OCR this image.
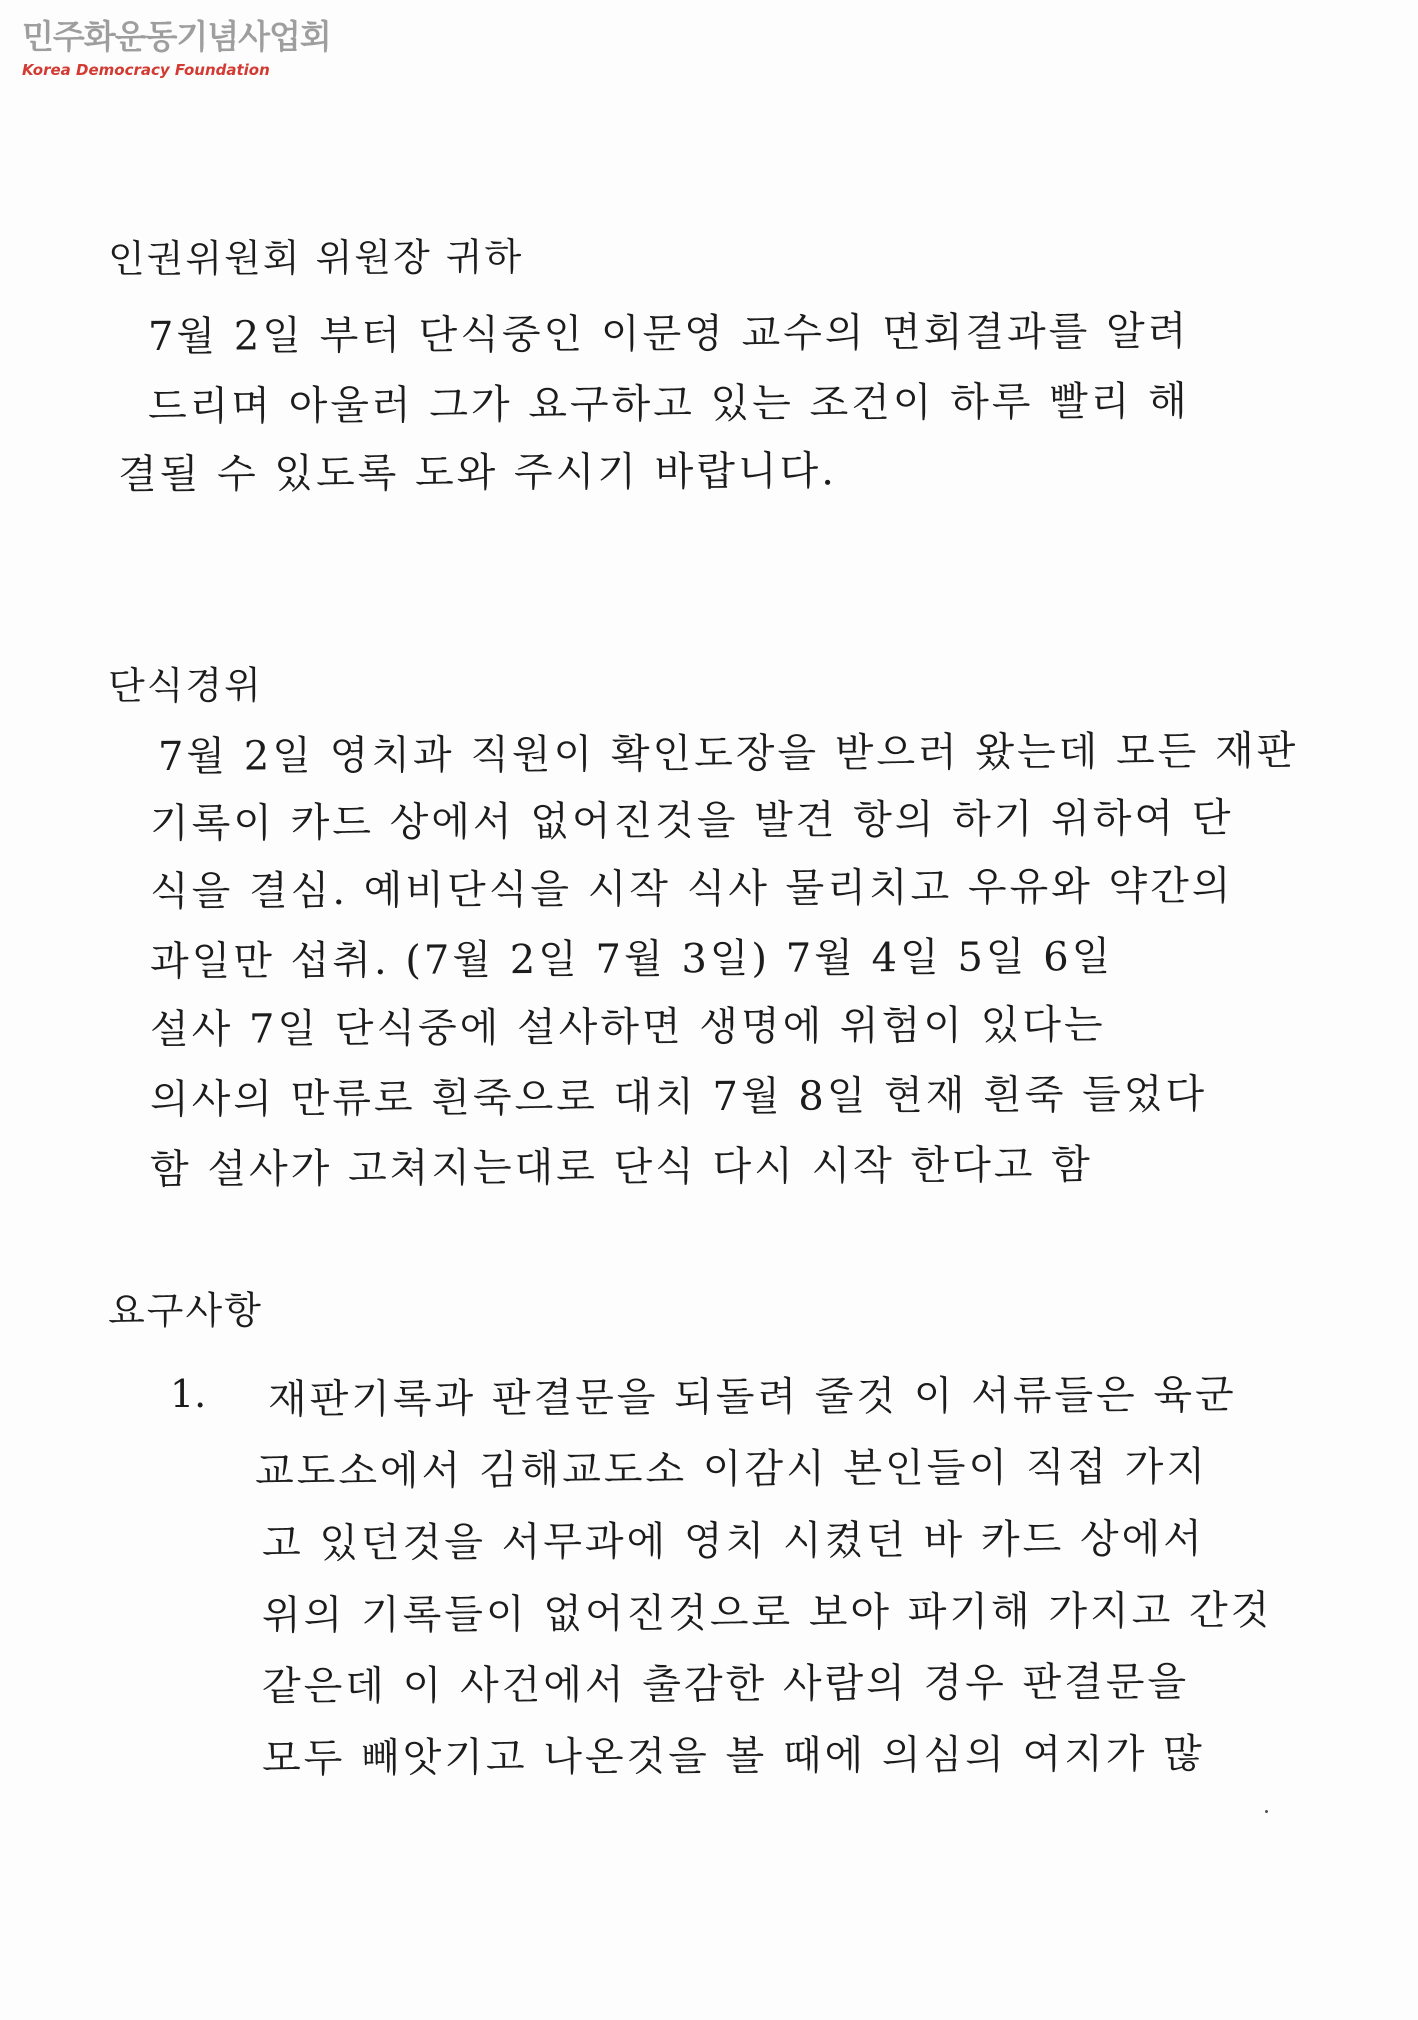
민주화운동기념사업회
Korea Democracy Foundation
인권위원회 위원장 귀하
7월 2일 부터 단식중인 이문영 교수의 면회결과를 알려
드리며 아울러 그가 요구하고 있는 조건이 하루 빨리 해
결될 수 있도록 도와 주시기 바랍니다.
단식경위
7월 2일 영치과 직원이 확인도장을 받으러 왔는데 모든 재판
기록이 카드 상에서 없어진것을 발견 항의 하기 위하여 단
식을 결심. 예비단식을 시작 식사 물리치고 우유와 약간의
과일만 섭취. (7월 2일 7월 3일) 7월 4일 5일 6일
설사 7일 단식중에 설사하면 생명에 위험이 있다는
의사의 만류로 흰죽으로 대치 7월 8일 현재 흰죽 들었다
함 설사가 고쳐지는대로 단식 다시 시작 한다고 함
요구사항
1. 재판기록과 판결문을 되돌려 줄것 이 서류들은 육군
교도소에서 김해교도소 이감시 본인들이 직접 가지
고 있던것을 서무과에 영치 시켰던 바 카드 상에서
위의 기록들이 없어진것으로 보아 파기해 가지고 간것
같은데 이 사건에서 출감한 사람의 경우 판결문을
모두 빼앗기고 나온것을 볼 때에 의심의 여지가 많
